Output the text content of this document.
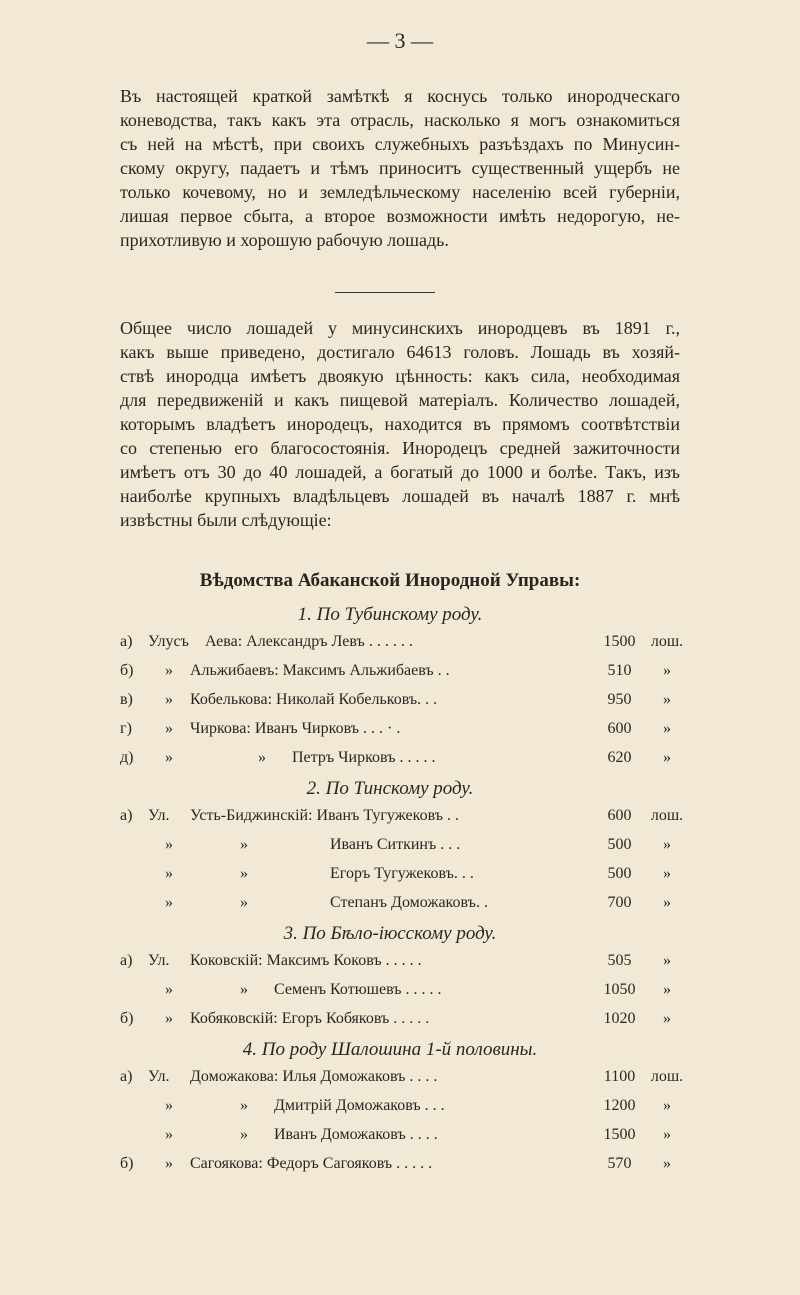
— 3 —
Въ настоящей краткой замѣткѣ я коснусь только инородческаго
коневодства, такъ какъ эта отрасль, насколько я могъ ознакомиться
съ ней на мѣстѣ, при своихъ служебныхъ разъѣздахъ по Минусин-
скому округу, падаетъ и тѣмъ приноситъ существенный ущербъ не
только кочевому, но и земледѣльческому населенію всей губерніи,
лишая первое сбыта, а второе возможности имѣть недорогую, не-
прихотливую и хорошую рабочую лошадь.
Общее число лошадей у минусинскихъ инородцевъ въ 1891 г.,
какъ выше приведено, достигало 64613 головъ. Лошадь въ хозяй-
ствѣ инородца имѣетъ двоякую цѣнность: какъ сила, необходимая
для передвиженій и какъ пищевой матеріалъ. Количество лошадей,
которымъ владѣетъ инородецъ, находится въ прямомъ соотвѣтствіи
со степенью его благосостоянія. Инородецъ средней зажиточности
имѣетъ отъ 30 до 40 лошадей, а богатый до 1000 и болѣе. Такъ, изъ
наиболѣе крупныхъ владѣльцевъ лошадей въ началѣ 1887 г. мнѣ
извѣстны были слѣдующіе:
Вѣдомства Абаканской Инородной Управы:
1. По Тубинскому роду.
а) Улусъ Аева: Александръ Левъ . . . . . .	1500 лош.
б) » Альжибаевъ: Максимъ Альжибаевъ . .	510	»
в) » Кобелькова: Николай Кобельковъ. . .	950	»
г) » Чиркова: Иванъ Чирковъ . . . · .	600	»
д) »	» Петръ Чирковъ . . . . .	620	»
2. По Тинскому роду.
а) Ул. Усть-Биджинскій: Иванъ Тугужековъ . .	600	лош.
»	»	Иванъ Ситкинъ . . .	500	»
»	»	Егоръ Тугужековъ. . .	500	»
»	»	Степанъ Доможаковъ. .	700	»
3. По Бѣло-іюсскому роду.
а) Ул. Коковскій: Максимъ Коковъ . . . . .	505	»
»	» Семенъ Котюшевъ . . . . .	1050	»
б) » Кобяковскій: Егоръ Кобяковъ . . . . .	1020	»
4. По роду Шалошина 1-й половины.
а) Ул. Доможакова: Илья Доможаковъ . . . .	1100 лош.
»	» Дмитрій Доможаковъ . . .	1200	»
»	» Иванъ Доможаковъ . . . .	1500	»
б) » Сагоякова: Федоръ Сагояковъ . . . . .	570	»
